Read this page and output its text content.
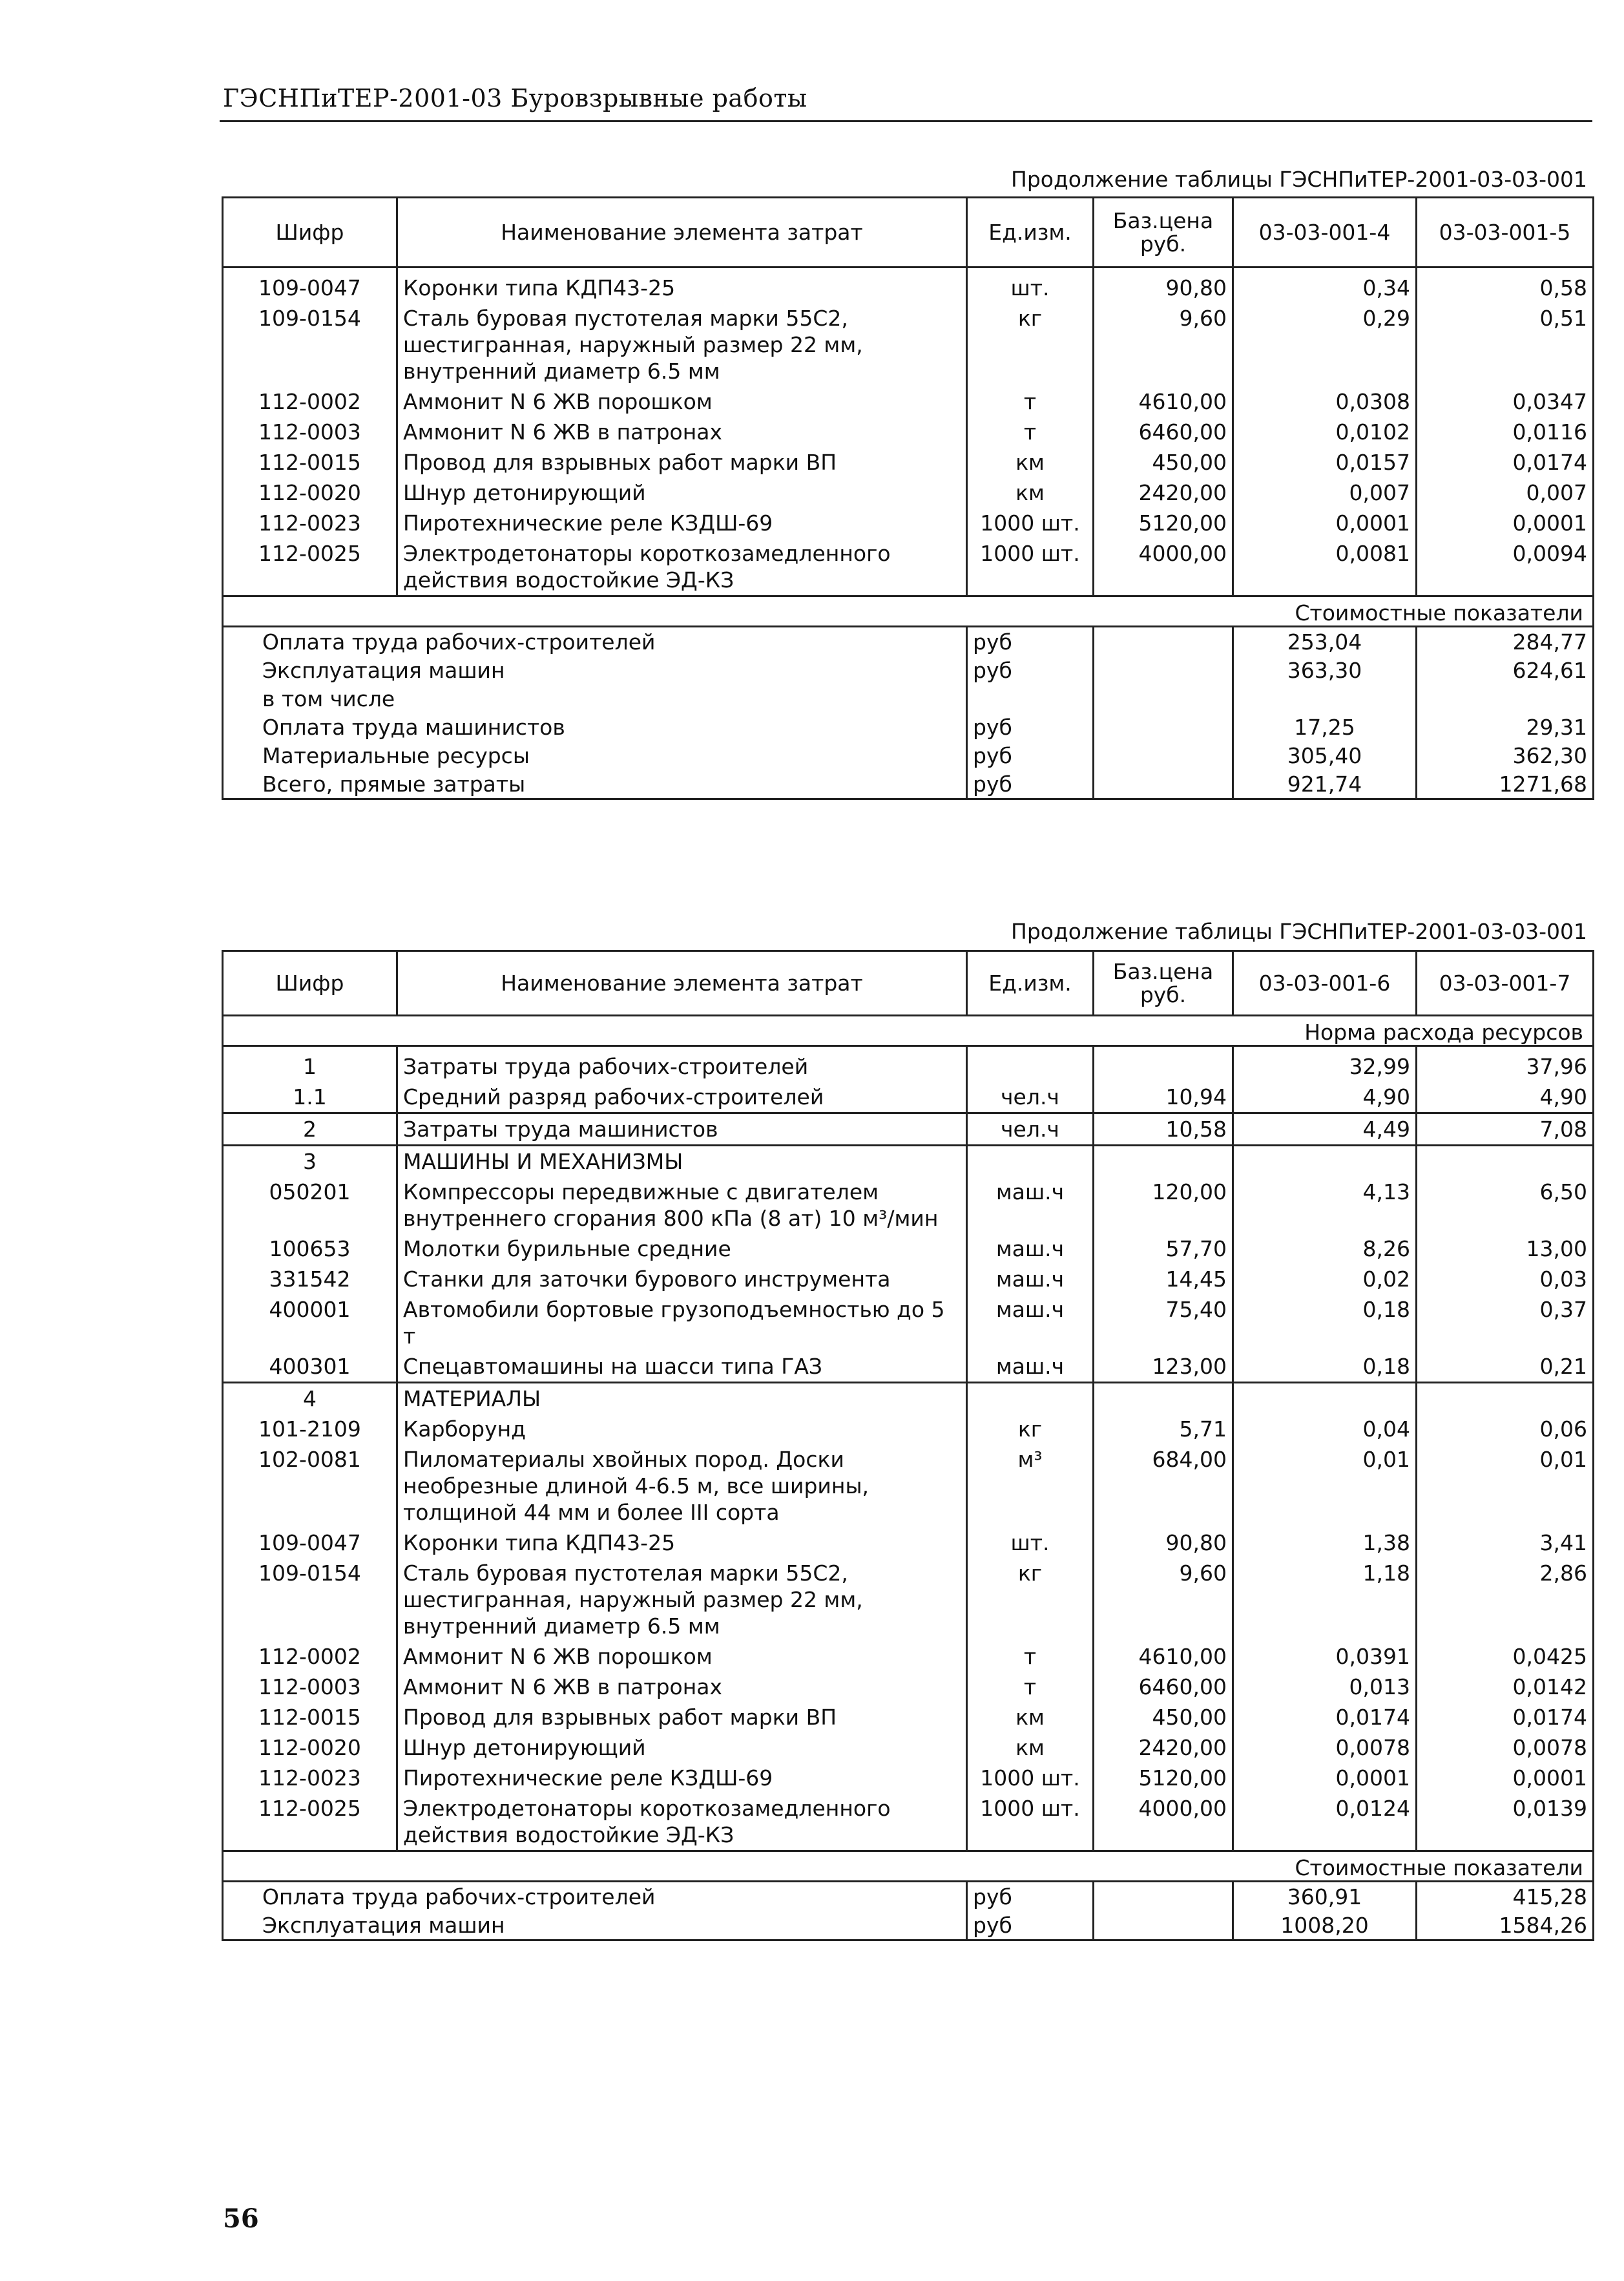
ГЭСНПиТЕР-2001-03 Буровзрывные работы
Продолжение таблицы ГЭСНПиТЕР-2001-03-03-001
Шифр	Наименование элемента затрат	Ед.изм.	Баз.цена руб.	03-03-001-4	03-03-001-5
109-0047	Коронки типа КДП43-25	шт.	90,80	0,34	0,58
109-0154	Сталь буровая пустотелая марки 55С2, шестигранная, наружный размер 22 мм, внутренний диаметр 6.5 мм	кг	9,60	0,29	0,51
112-0002	Аммонит N 6 ЖВ порошком	т	4610,00	0,0308	0,0347
112-0003	Аммонит N 6 ЖВ в патронах	т	6460,00	0,0102	0,0116
112-0015	Провод для взрывных работ марки ВП	км	450,00	0,0157	0,0174
112-0020	Шнур детонирующий	км	2420,00	0,007	0,007
112-0023	Пиротехнические реле КЗДШ-69	1000 шт.	5120,00	0,0001	0,0001
112-0025	Электродетонаторы короткозамедленного действия водостойкие ЭД-КЗ	1000 шт.	4000,00	0,0081	0,0094
Стоимостные показатели					
Оплата труда рабочих-строителей		руб		253,04	284,77
Эксплуатация машин		руб		363,30	624,61
в том числе					
Оплата труда машинистов		руб		17,25	29,31
Материальные ресурсы		руб		305,40	362,30
Всего, прямые затраты		руб		921,74	1271,68
Продолжение таблицы ГЭСНПиТЕР-2001-03-03-001
Шифр	Наименование элемента затрат	Ед.изм.	Баз.цена руб.	03-03-001-6	03-03-001-7
Норма расхода ресурсов					
1	Затраты труда рабочих-строителей			32,99	37,96
1.1	Средний разряд рабочих-строителей	чел.ч	10,94	4,90	4,90
2	Затраты труда машинистов	чел.ч	10,58	4,49	7,08
3	МАШИНЫ И МЕХАНИЗМЫ				
050201	Компрессоры передвижные с двигателем внутреннего сгорания 800 кПа (8 ат) 10 м³/мин	маш.ч	120,00	4,13	6,50
100653	Молотки бурильные средние	маш.ч	57,70	8,26	13,00
331542	Станки для заточки бурового инструмента	маш.ч	14,45	0,02	0,03
400001	Автомобили бортовые грузоподъемностью до 5 т	маш.ч	75,40	0,18	0,37
400301	Спецавтомашины на шасси типа ГАЗ	маш.ч	123,00	0,18	0,21
4	МАТЕРИАЛЫ				
101-2109	Карборунд	кг	5,71	0,04	0,06
102-0081	Пиломатериалы хвойных пород. Доски необрезные длиной 4-6.5 м, все ширины, толщиной 44 мм и более III сорта	м³	684,00	0,01	0,01
109-0047	Коронки типа КДП43-25	шт.	90,80	1,38	3,41
109-0154	Сталь буровая пустотелая марки 55С2, шестигранная, наружный размер 22 мм, внутренний диаметр 6.5 мм	кг	9,60	1,18	2,86
112-0002	Аммонит N 6 ЖВ порошком	т	4610,00	0,0391	0,0425
112-0003	Аммонит N 6 ЖВ в патронах	т	6460,00	0,013	0,0142
112-0015	Провод для взрывных работ марки ВП	км	450,00	0,0174	0,0174
112-0020	Шнур детонирующий	км	2420,00	0,0078	0,0078
112-0023	Пиротехнические реле КЗДШ-69	1000 шт.	5120,00	0,0001	0,0001
112-0025	Электродетонаторы короткозамедленного действия водостойкие ЭД-КЗ	1000 шт.	4000,00	0,0124	0,0139
Стоимостные показатели					
Оплата труда рабочих-строителей		руб		360,91	415,28
Эксплуатация машин		руб		1008,20	1584,26
56
